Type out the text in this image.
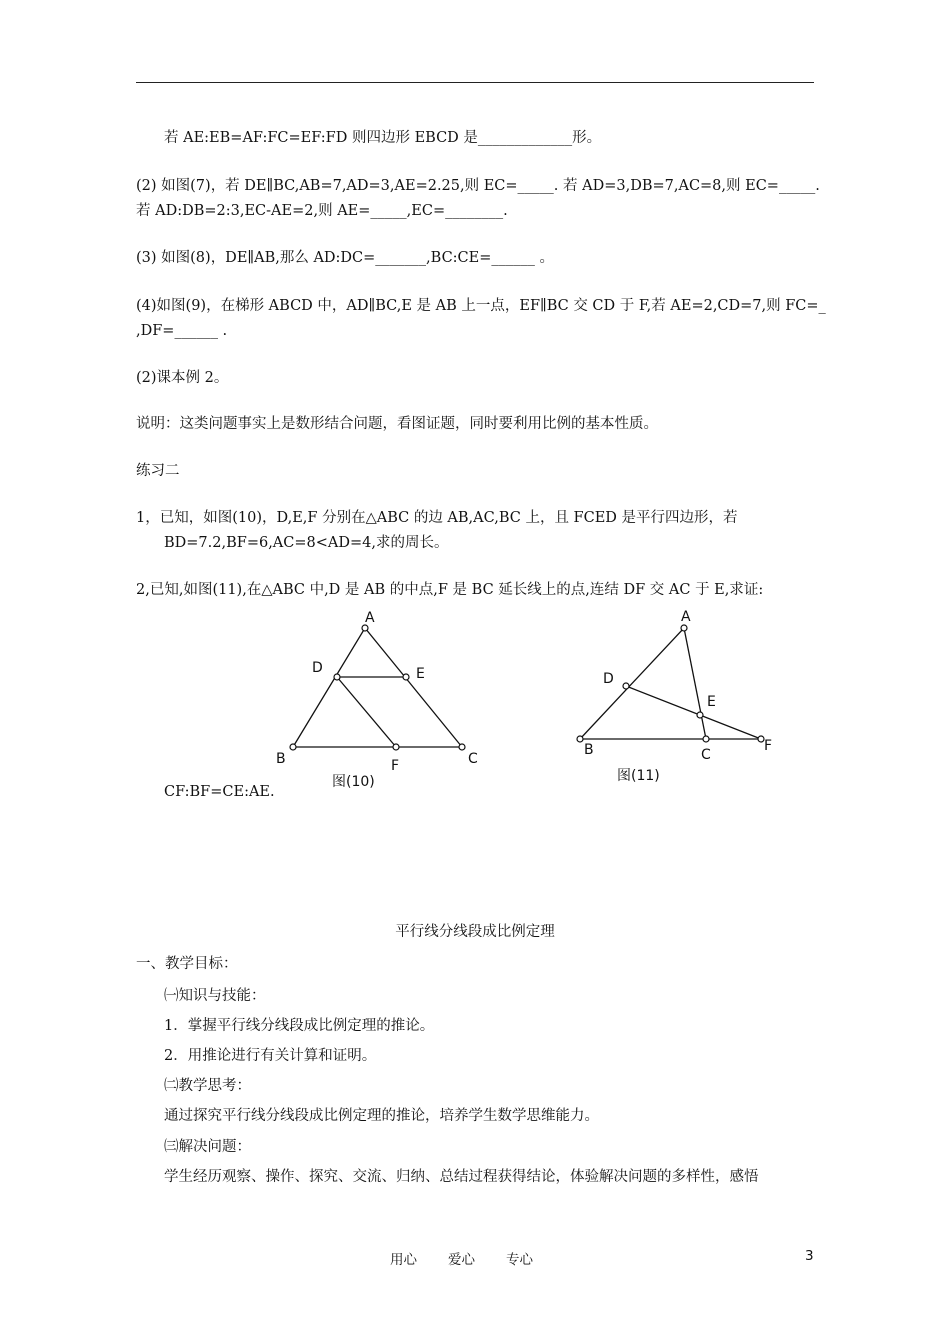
若 AE:EB=AF:FC=EF:FD 则四边形 EBCD 是_____________形。
(2) 如图(7)，若 DE∥BC,AB=7,AD=3,AE=2.25,则 EC=_____. 若 AD=3,DB=7,AC=8,则 EC=_____.
若 AD:DB=2:3,EC-AE=2,则 AE=_____,EC=________.
(3) 如图(8)，DE∥AB,那么 AD:DC=_______,BC:CE=______ 。
(4)如图(9)，在梯形 ABCD 中，AD∥BC,E 是 AB 上一点，EF∥BC 交 CD 于 F,若 AE=2,CD=7,则 FC=_
,DF=______ .
(2)课本例 2。
说明：这类问题事实上是数形结合问题，看图证题，同时要利用比例的基本性质。
练习二
1，已知，如图(10)，D,E,F 分别在△ABC 的边 AB,AC,BC 上，且 FCED 是平行四边形，若
BD=7.2,BF=6,AC=8<AD=4,求的周长。
2,已知,如图(11),在△ABC 中,D 是 AB 的中点,F 是 BC 延长线上的点,连结 DF 交 AC 于 E,求证:
A
B	C
D	E
F
图(10)
A
B	C
D
E
F
图(11)
CF:BF=CE:AE.
平行线分线段成比例定理
一、教学目标：
㈠知识与技能：
1．掌握平行线分线段成比例定理的推论。
2．用推论进行有关计算和证明。
㈡教学思考：
通过探究平行线分线段成比例定理的推论，培养学生数学思维能力。
㈢解决问题：
学生经历观察、操作、探究、交流、归纳、总结过程获得结论，体验解决问题的多样性，感悟
用心 爱心 专心	3
